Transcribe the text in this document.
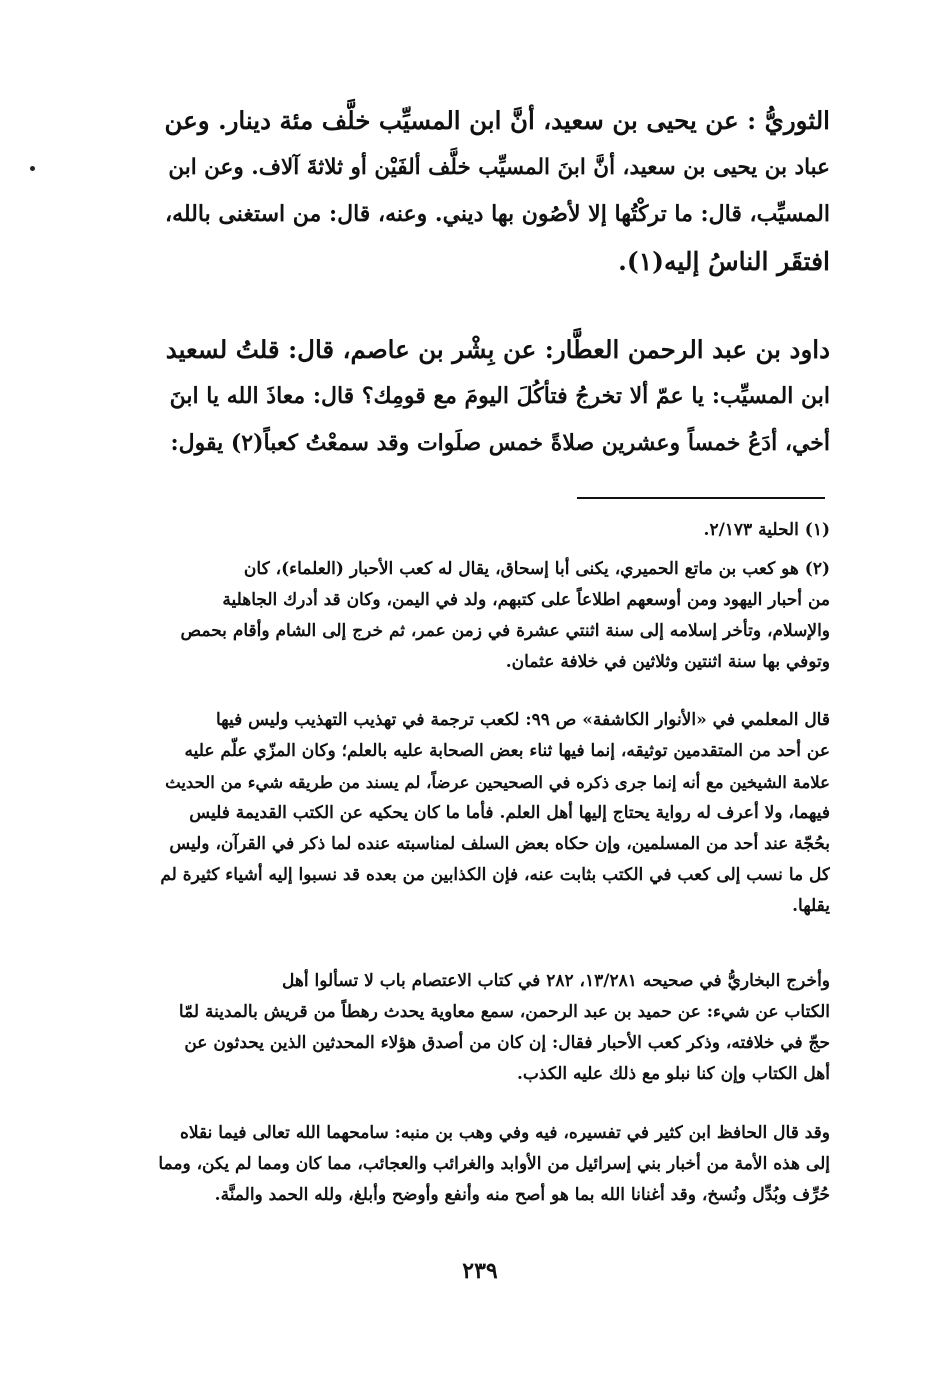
الثوريُّ : عن يحيى بن سعيد، أنَّ ابن المسيِّب خلَّف مئة دينار. وعن
عباد بن يحيى بن سعيد، أنَّ ابنَ المسيِّب خلَّف ألفَيْن أو ثلاثةَ آلاف. وعن ابن
المسيِّب، قال: ما تركْتُها إلا لأصُون بها ديني. وعنه، قال: من استغنى بالله،
افتقَر الناسُ إليه(١).

داود بن عبد الرحمن العطَّار: عن بِشْر بن عاصم، قال: قلتُ لسعيد
ابن المسيِّب: يا عمّ ألا تخرجُ فتأكُلَ اليومَ مع قومِك؟ قال: معاذَ الله يا ابنَ
أخي، أدَعُ خمساً وعشرين صلاةً خمس صلَوات وقد سمعْتُ كعباً(٢) يقول:

(١) الحلية ٢/١٧٣.

(٢) هو كعب بن ماتع الحميري، يكنى أبا إسحاق، يقال له كعب الأحبار (العلماء)، كان
من أحبار اليهود ومن أوسعهم اطلاعاً على كتبهم، ولد في اليمن، وكان قد أدرك الجاهلية
والإسلام، وتأخر إسلامه إلى سنة اثنتي عشرة في زمن عمر، ثم خرج إلى الشام وأقام بحمص
وتوفي بها سنة اثنتين وثلاثين في خلافة عثمان.

قال المعلمي في «الأنوار الكاشفة» ص ٩٩: لكعب ترجمة في تهذيب التهذيب وليس فيها
عن أحد من المتقدمين توثيقه، إنما فيها ثناء بعض الصحابة عليه بالعلم؛ وكان المزّي علّم عليه
علامة الشيخين مع أنه إنما جرى ذكره في الصحيحين عرضاً، لم يسند من طريقه شيء من الحديث
فيهما، ولا أعرف له رواية يحتاج إليها أهل العلم. فأما ما كان يحكيه عن الكتب القديمة فليس
بحُجّة عند أحد من المسلمين، وإن حكاه بعض السلف لمناسبته عنده لما ذكر في القرآن، وليس
كل ما نسب إلى كعب في الكتب بثابت عنه، فإن الكذابين من بعده قد نسبوا إليه أشياء كثيرة لم
يقلها.

وأخرج البخاريُّ في صحيحه ١٣/٢٨١، ٢٨٢ في كتاب الاعتصام باب لا تسألوا أهل
الكتاب عن شيء: عن حميد بن عبد الرحمن، سمع معاوية يحدث رهطاً من قريش بالمدينة لمّا
حجّ في خلافته، وذكر كعب الأحبار فقال: إن كان من أصدق هؤلاء المحدثين الذين يحدثون عن
أهل الكتاب وإن كنا نبلو مع ذلك عليه الكذب.

وقد قال الحافظ ابن كثير في تفسيره، فيه وفي وهب بن منبه: سامحهما الله تعالى فيما نقلاه
إلى هذه الأمة من أخبار بني إسرائيل من الأوابد والغرائب والعجائب، مما كان ومما لم يكن، ومما
حُرِّف وبُدِّل ونُسخ، وقد أغنانا الله بما هو أصح منه وأنفع وأوضح وأبلغ، ولله الحمد والمنَّة.

٢٣٩
